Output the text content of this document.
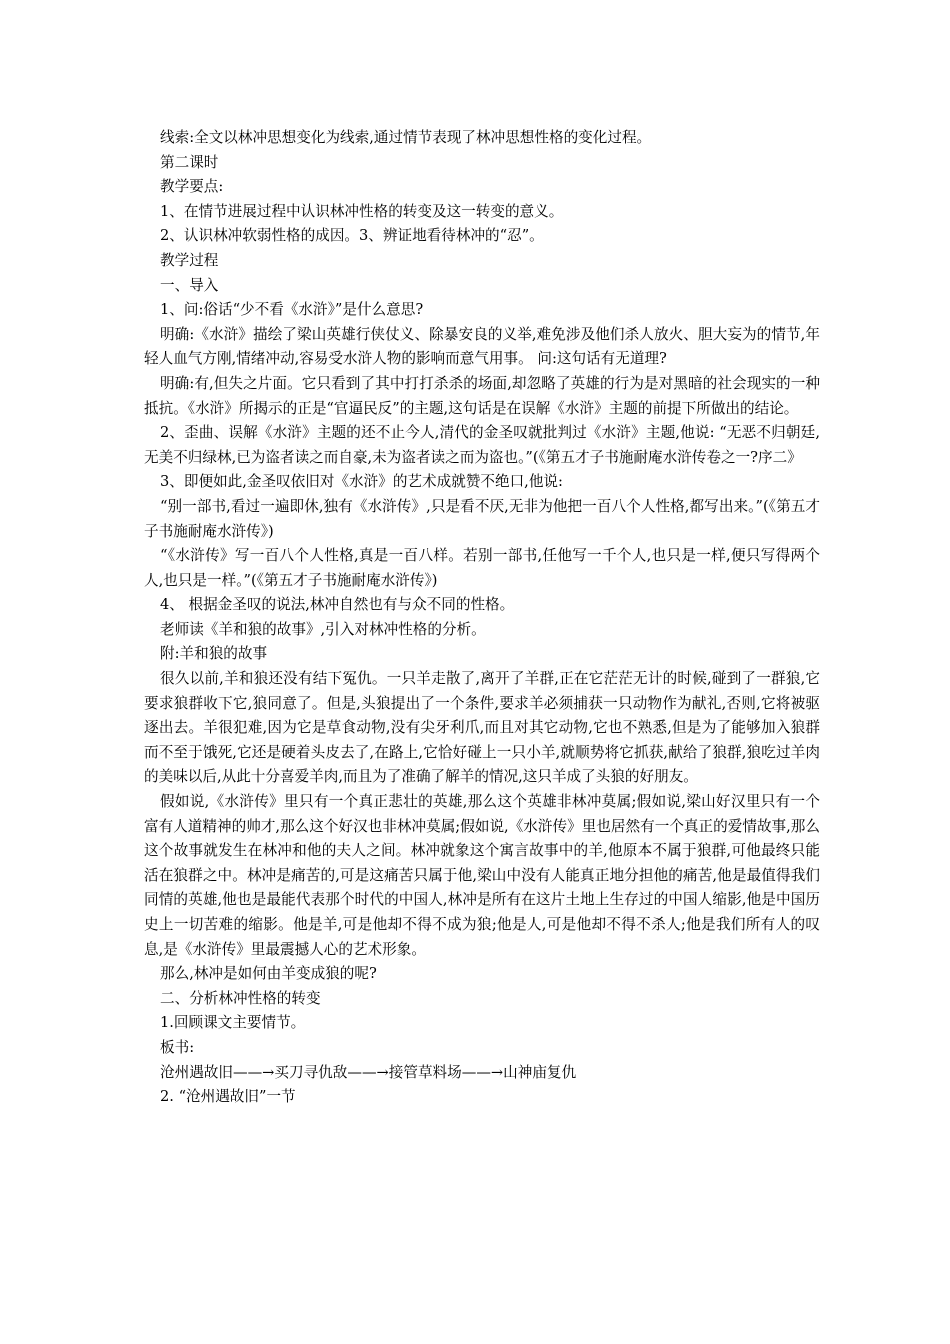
线索:全文以林冲思想变化为线索,通过情节表现了林冲思想性格的变化过程。

第二课时

教学要点:

1、在情节进展过程中认识林冲性格的转变及这一转变的意义。

2、认识林冲软弱性格的成因。3、辨证地看待林冲的“忍”。

教学过程

一、导入

1、问:俗话“少不看《水浒》”是什么意思?

明确:《水浒》描绘了梁山英雄行侠仗义、除暴安良的义举,难免涉及他们杀人放火、胆大妄为的情节,年轻人血气方刚,情绪冲动,容易受水浒人物的影响而意气用事。 问:这句话有无道理?

明确:有,但失之片面。它只看到了其中打打杀杀的场面,却忽略了英雄的行为是对黑暗的社会现实的一种抵抗。《水浒》所揭示的正是“官逼民反”的主题,这句话是在误解《水浒》主题的前提下所做出的结论。

2、歪曲、误解《水浒》主题的还不止今人,清代的金圣叹就批判过《水浒》主题,他说: “无恶不归朝廷,无美不归绿林,已为盗者读之而自豪,未为盗者读之而为盗也。”(《第五才子书施耐庵水浒传卷之一?序二》

3、即便如此,金圣叹依旧对《水浒》的艺术成就赞不绝口,他说:

“别一部书,看过一遍即休,独有《水浒传》,只是看不厌,无非为他把一百八个人性格,都写出来。”(《第五才子书施耐庵水浒传》)

“《水浒传》写一百八个人性格,真是一百八样。若别一部书,任他写一千个人,也只是一样,便只写得两个人,也只是一样。”(《第五才子书施耐庵水浒传》)

4、 根据金圣叹的说法,林冲自然也有与众不同的性格。

老师读《羊和狼的故事》,引入对林冲性格的分析。

附:羊和狼的故事

很久以前,羊和狼还没有结下冤仇。一只羊走散了,离开了羊群,正在它茫茫无计的时候,碰到了一群狼,它要求狼群收下它,狼同意了。但是,头狼提出了一个条件,要求羊必须捕获一只动物作为献礼,否则,它将被驱逐出去。羊很犯难,因为它是草食动物,没有尖牙利爪,而且对其它动物,它也不熟悉,但是为了能够加入狼群而不至于饿死,它还是硬着头皮去了,在路上,它恰好碰上一只小羊,就顺势将它抓获,献给了狼群,狼吃过羊肉的美味以后,从此十分喜爱羊肉,而且为了准确了解羊的情况,这只羊成了头狼的好朋友。

假如说,《水浒传》里只有一个真正悲壮的英雄,那么这个英雄非林冲莫属;假如说,梁山好汉里只有一个富有人道精神的帅才,那么这个好汉也非林冲莫属;假如说,《水浒传》里也居然有一个真正的爱情故事,那么这个故事就发生在林冲和他的夫人之间。林冲就象这个寓言故事中的羊,他原本不属于狼群,可他最终只能活在狼群之中。林冲是痛苦的,可是这痛苦只属于他,梁山中没有人能真正地分担他的痛苦,他是最值得我们同情的英雄,他也是最能代表那个时代的中国人,林冲是所有在这片土地上生存过的中国人缩影,他是中国历史上一切苦难的缩影。他是羊,可是他却不得不成为狼;他是人,可是他却不得不杀人;他是我们所有人的叹息,是《水浒传》里最震撼人心的艺术形象。

那么,林冲是如何由羊变成狼的呢?

二、分析林冲性格的转变

1.回顾课文主要情节。

板书:

沧州遇故旧——→买刀寻仇敌——→接管草料场——→山神庙复仇

2. “沧州遇故旧”一节
